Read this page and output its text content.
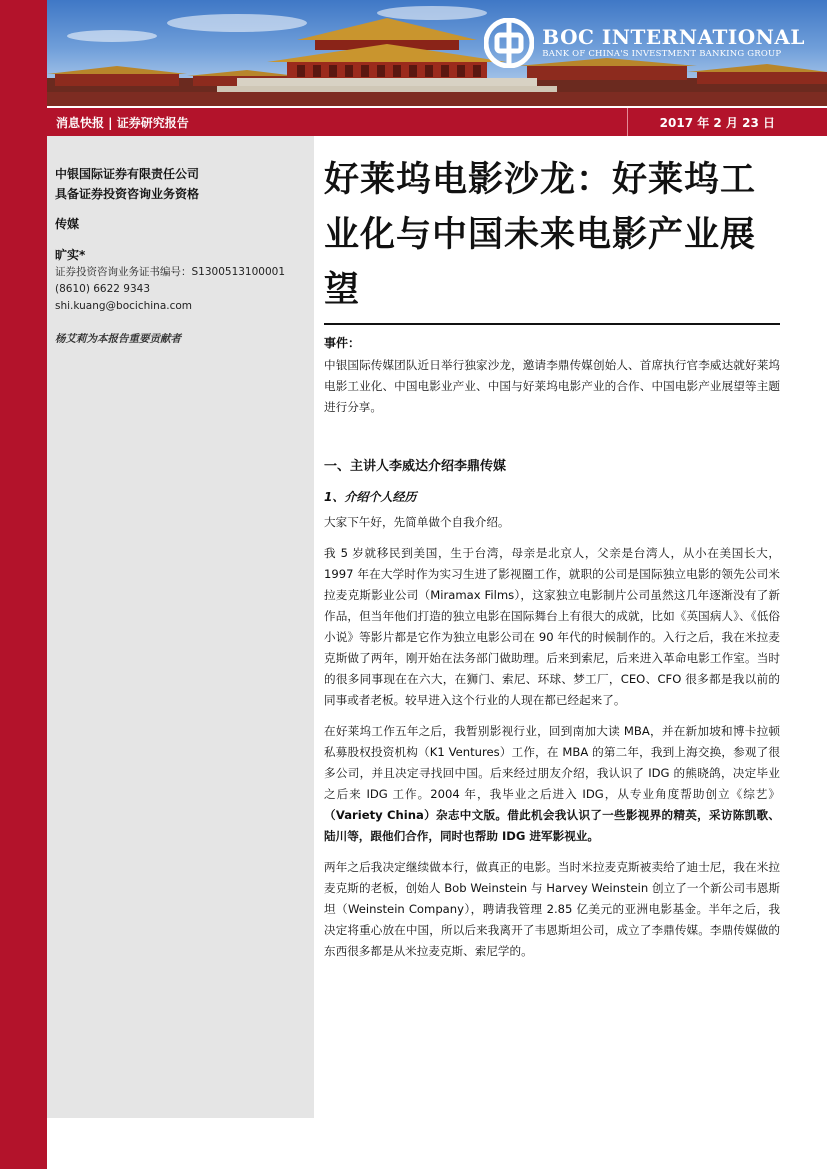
BOC INTERNATIONAL
BANK OF CHINA'S INVESTMENT BANKING GROUP
消息快报 | 证券研究报告	2017 年 2 月 23 日
中银国际证券有限责任公司
具备证券投资咨询业务资格
传媒
旷实*
证券投资咨询业务证书编号：S1300513100001
(8610) 6622 9343
shi.kuang@bocichina.com
杨艾莉为本报告重要贡献者
好莱坞电影沙龙：好莱坞工业化与中国未来电影产业展望
事件：
中银国际传媒团队近日举行独家沙龙，邀请李鼎传媒创始人、首席执行官李威达就好莱坞电影工业化、中国电影业产业、中国与好莱坞电影产业的合作、中国电影产业展望等主题进行分享。
一、主讲人李威达介绍李鼎传媒
1、介绍个人经历
大家下午好，先简单做个自我介绍。
我 5 岁就移民到美国，生于台湾，母亲是北京人，父亲是台湾人，从小在美国长大，1997 年在大学时作为实习生进了影视圈工作，就职的公司是国际独立电影的领先公司米拉麦克斯影业公司（Miramax Films），这家独立电影制片公司虽然这几年逐渐没有了新作品，但当年他们打造的独立电影在国际舞台上有很大的成就，比如《英国病人》、《低俗小说》等影片都是它作为独立电影公司在 90 年代的时候制作的。入行之后，我在米拉麦克斯做了两年，刚开始在法务部门做助理。后来到索尼，后来进入革命电影工作室。当时的很多同事现在在六大，在狮门、索尼、环球、梦工厂，CEO、CFO 很多都是我以前的同事或者老板。较早进入这个行业的人现在都已经起来了。
在好莱坞工作五年之后，我暂别影视行业，回到南加大读 MBA，并在新加坡和博卡拉顿私募股权投资机构（K1 Ventures）工作，在 MBA 的第二年，我到上海交换，参观了很多公司，并且决定寻找回中国。后来经过朋友介绍，我认识了 IDG 的熊晓鸽，决定毕业之后来 IDG 工作。2004 年，我毕业之后进入 IDG，从专业角度帮助创立《综艺》（Variety China）杂志中文版。借此机会我认识了一些影视界的精英，采访陈凯歌、陆川等，跟他们合作，同时也帮助 IDG 进军影视业。
两年之后我决定继续做本行，做真正的电影。当时米拉麦克斯被卖给了迪士尼，我在米拉麦克斯的老板，创始人 Bob Weinstein 与 Harvey Weinstein 创立了一个新公司韦恩斯坦（Weinstein Company），聘请我管理 2.85 亿美元的亚洲电影基金。半年之后，我决定将重心放在中国，所以后来我离开了韦恩斯坦公司，成立了李鼎传媒。李鼎传媒做的东西很多都是从米拉麦克斯、索尼学的。
